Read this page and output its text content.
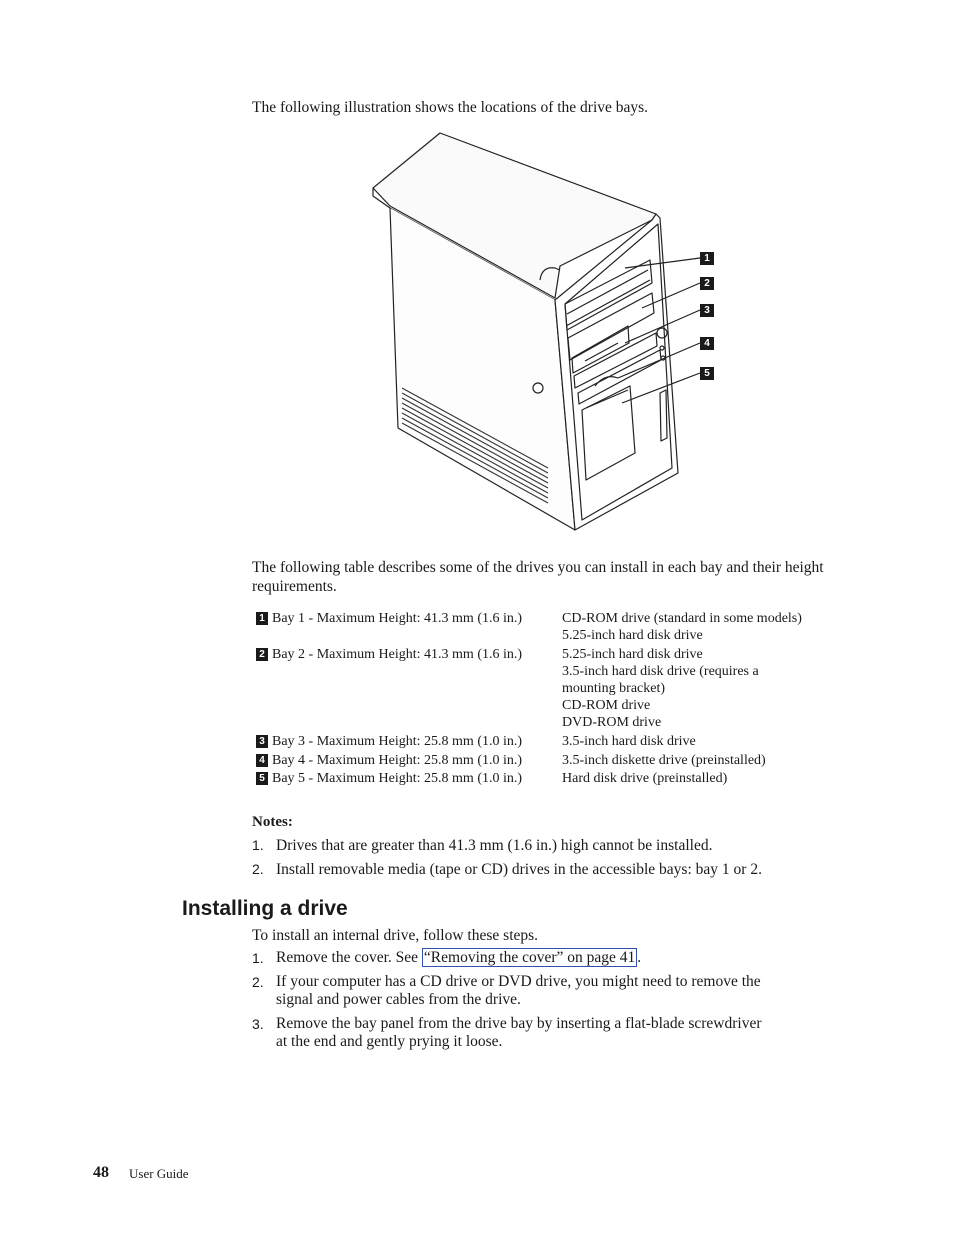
The following illustration shows the locations of the drive bays.
1
2
3
4
5
The following table describes some of the drives you can install in each bay and their height requirements.
1 Bay 1 - Maximum Height: 41.3 mm (1.6 in.)	CD-ROM drive (standard in some models)
5.25-inch hard disk drive
2 Bay 2 - Maximum Height: 41.3 mm (1.6 in.)	5.25-inch hard disk drive
3.5-inch hard disk drive (requires a
mounting bracket)
CD-ROM drive
DVD-ROM drive
3 Bay 3 - Maximum Height: 25.8 mm (1.0 in.)	3.5-inch hard disk drive
4 Bay 4 - Maximum Height: 25.8 mm (1.0 in.)	3.5-inch diskette drive (preinstalled)
5 Bay 5 - Maximum Height: 25.8 mm (1.0 in.)	Hard disk drive (preinstalled)
Notes:
1. Drives that are greater than 41.3 mm (1.6 in.) high cannot be installed.
2. Install removable media (tape or CD) drives in the accessible bays: bay 1 or 2.
Installing a drive
To install an internal drive, follow these steps.
1. Remove the cover. See “Removing the cover” on page 41 .
2. If your computer has a CD drive or DVD drive, you might need to remove the
signal and power cables from the drive.
3. Remove the bay panel from the drive bay by inserting a flat-blade screwdriver
at the end and gently prying it loose.
48 User Guide
